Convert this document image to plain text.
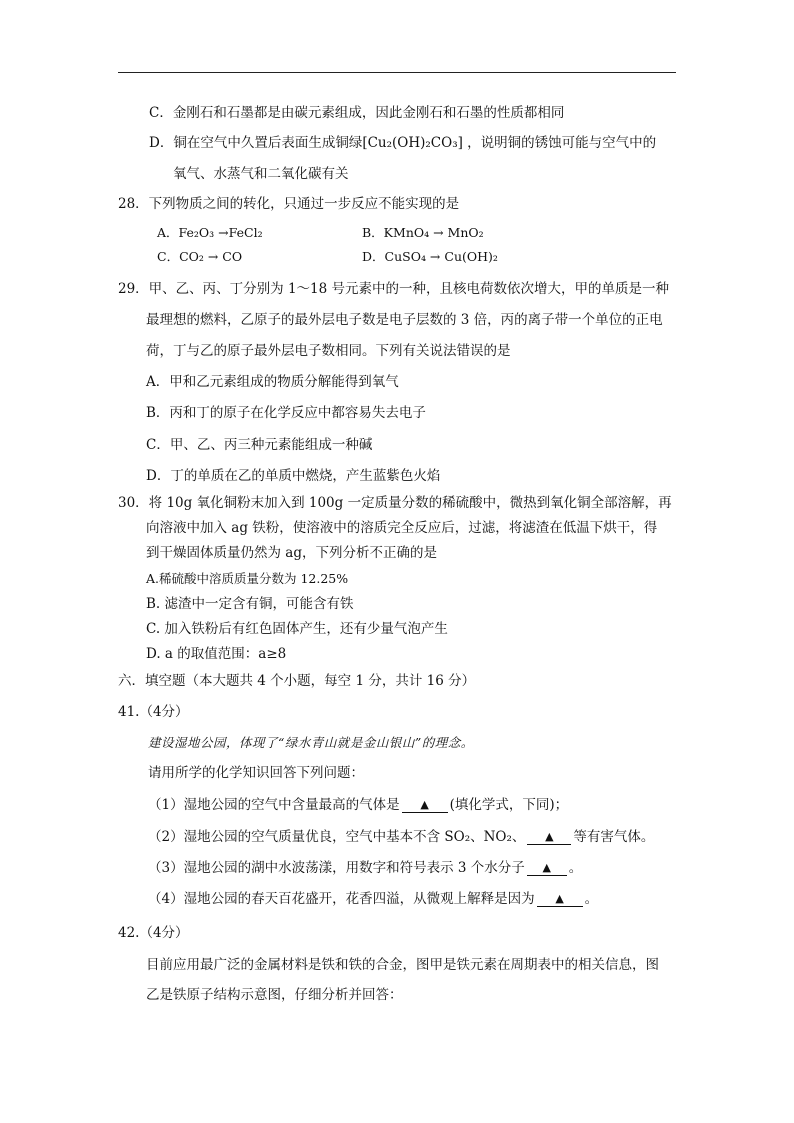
C．金刚石和石墨都是由碳元素组成，因此金刚石和石墨的性质都相同
D．铜在空气中久置后表面生成铜绿[Cu₂(OH)₂CO₃] ，说明铜的锈蚀可能与空气中的
氧气、水蒸气和二氧化碳有关
28．下列物质之间的转化，只通过一步反应不能实现的是
A．Fe₂O₃ →FeCl₂	B．KMnO₄ → MnO₂
C．CO₂ → CO	D．CuSO₄ → Cu(OH)₂
29．甲、乙、丙、丁分别为 1～18 号元素中的一种，且核电荷数依次增大，甲的单质是一种
最理想的燃料，乙原子的最外层电子数是电子层数的 3 倍，丙的离子带一个单位的正电
荷，丁与乙的原子最外层电子数相同。下列有关说法错误的是
A．甲和乙元素组成的物质分解能得到氧气
B．丙和丁的原子在化学反应中都容易失去电子
C．甲、乙、丙三种元素能组成一种碱
D．丁的单质在乙的单质中燃烧，产生蓝紫色火焰
30．将 10g 氧化铜粉末加入到 100g 一定质量分数的稀硫酸中，微热到氧化铜全部溶解，再
向溶液中加入 ag 铁粉，使溶液中的溶质完全反应后，过滤，将滤渣在低温下烘干，得
到干燥固体质量仍然为 ag，下列分析不正确的是
A.稀硫酸中溶质质量分数为 12.25%
B. 滤渣中一定含有铜，可能含有铁
C. 加入铁粉后有红色固体产生，还有少量气泡产生
D. a 的取值范围：a≥8
六．填空题（本大题共 4 个小题，每空 1 分，共计 16 分）
41.（4分）
建设湿地公园，体现了“绿水青山就是金山银山”的理念。
请用所学的化学知识回答下列问题：
（1）湿地公园的空气中含量最高的气体是 ▲ (填化学式，下同)；
（2）湿地公园的空气质量优良，空气中基本不含 SO₂、NO₂、 ▲ 等有害气体。
（3）湿地公园的湖中水波荡漾，用数字和符号表示 3 个水分子 ▲ 。
（4）湿地公园的春天百花盛开，花香四溢，从微观上解释是因为 ▲ 。
42.（4分）
目前应用最广泛的金属材料是铁和铁的合金，图甲是铁元素在周期表中的相关信息，图
乙是铁原子结构示意图，仔细分析并回答：
